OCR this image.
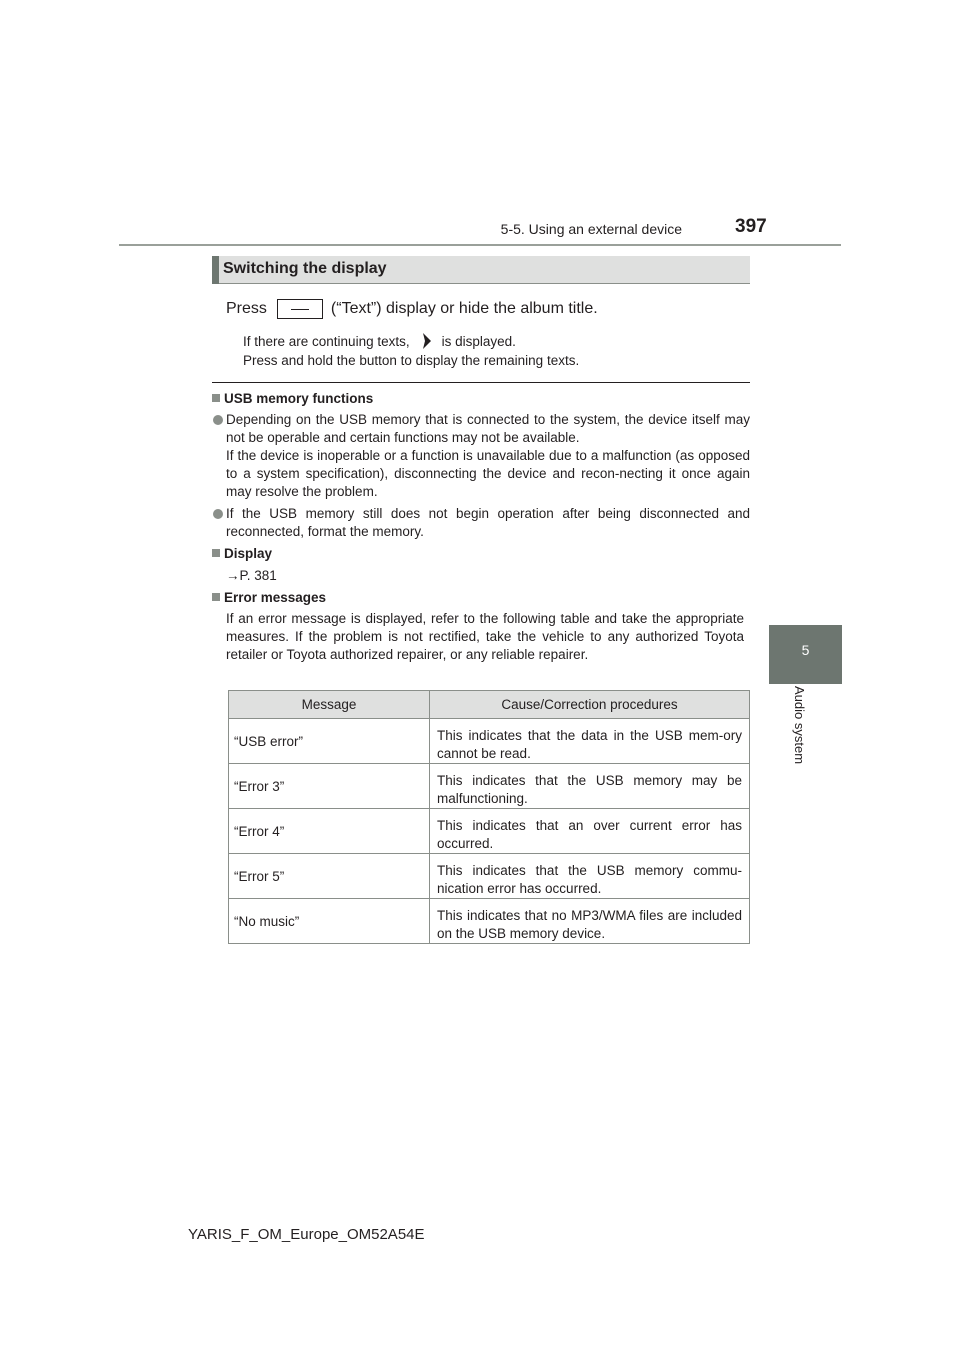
5-5. Using an external device	397
5
Audio system
Switching the display
Press	(“Text”) display or hide the album title.
If there are continuing texts, is displayed.
Press and hold the button to display the remaining texts.
USB memory functions
Depending on the USB memory that is connected to the system, the device itself may not be operable and certain functions may not be available.
If the device is inoperable or a function is unavailable due to a malfunction (as opposed to a system specification), disconnecting the device and recon-necting it once again may resolve the problem.
If the USB memory still does not begin operation after being disconnected and reconnected, format the memory.
Display
→P. 381
Error messages
If an error message is displayed, refer to the following table and take the appropriate measures. If the problem is not rectified, take the vehicle to any authorized Toyota retailer or Toyota authorized repairer, or any reliable repairer.
Message	Cause/Correction procedures
“USB error”	This indicates that the data in the USB mem-ory cannot be read.
“Error 3”	This indicates that the USB memory may be malfunctioning.
“Error 4”	This indicates that an over current error has occurred.
“Error 5”	This indicates that the USB memory commu-nication error has occurred.
“No music”	This indicates that no MP3/WMA files are included on the USB memory device.
YARIS_F_OM_Europe_OM52A54E
